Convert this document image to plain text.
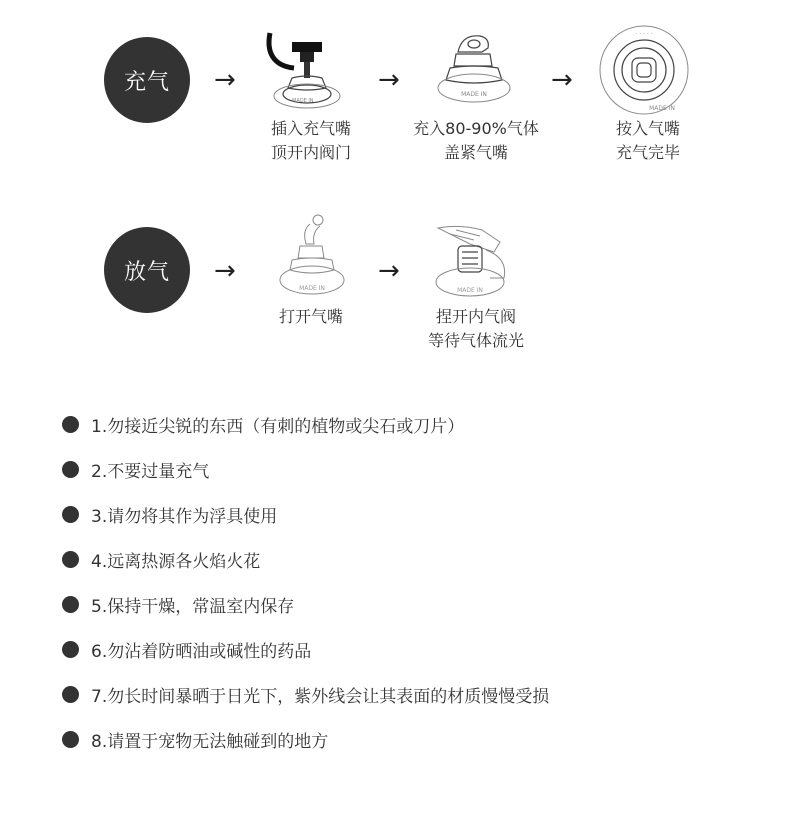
充气 →
MADE IN
插入充气嘴
顶开内阀门
→	MADE IN
充入80-90%气体
盖紧气嘴
→
· · · · ·
MADE IN
按入气嘴
充气完毕
放气 →
MADE IN
打开气嘴
→
MADE IN
捏开内气阀
等待气体流光
1.勿接近尖锐的东西（有刺的植物或尖石或刀片）
2.不要过量充气
3.请勿将其作为浮具使用
4.远离热源各火焰火花
5.保持干燥，常温室内保存
6.勿沾着防晒油或碱性的药品
7.勿长时间暴晒于日光下，紫外线会让其表面的材质慢慢受损
8.请置于宠物无法触碰到的地方
